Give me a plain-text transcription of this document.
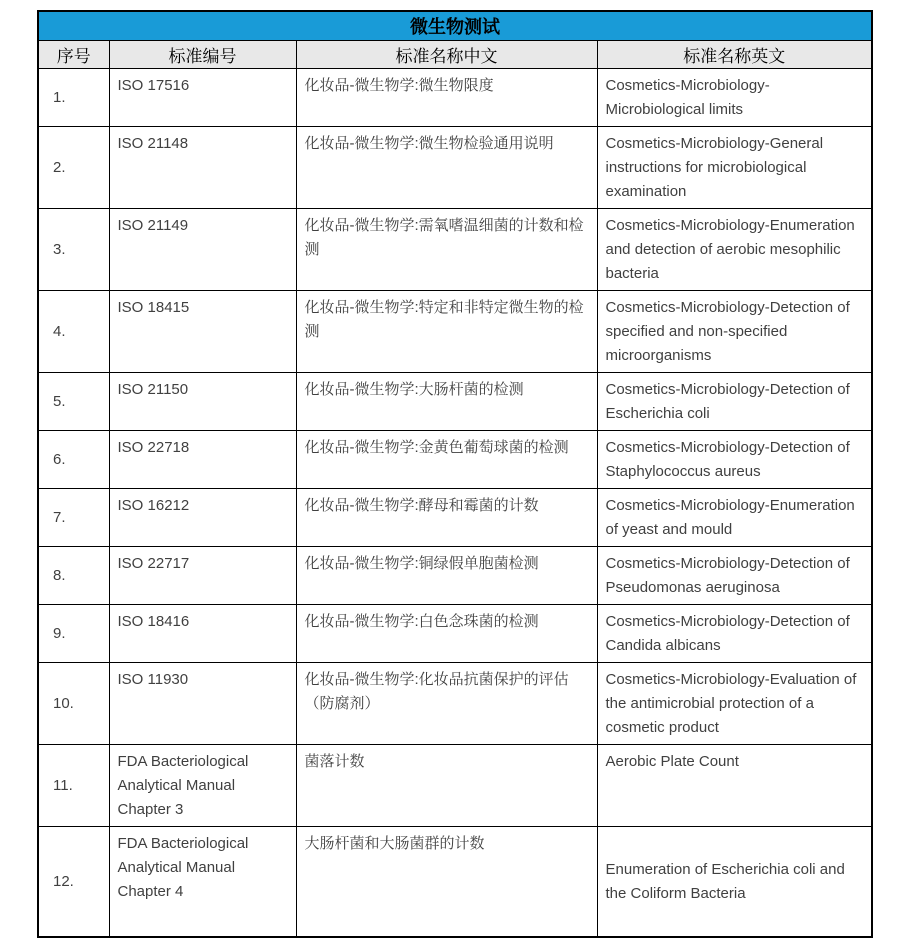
微生物测试			
序号	标准编号	标准名称中文	标准名称英文
1.	ISO 17516	化妆品-微生物学:微生物限度	Cosmetics-Microbiology-Microbiological limits
2.	ISO 21148	化妆品-微生物学:微生物检验通用说明	Cosmetics-Microbiology-General instructions for microbiological examination
3.	ISO 21149	化妆品-微生物学:需氧嗜温细菌的计数和检测	Cosmetics-Microbiology-Enumeration and detection of aerobic mesophilic bacteria
4.	ISO 18415	化妆品-微生物学:特定和非特定微生物的检测	Cosmetics-Microbiology-Detection of specified and non-specified microorganisms
5.	ISO 21150	化妆品-微生物学:大肠杆菌的检测	Cosmetics-Microbiology-Detection of Escherichia coli
6.	ISO 22718	化妆品-微生物学:金黄色葡萄球菌的检测	Cosmetics-Microbiology-Detection of Staphylococcus aureus
7.	ISO 16212	化妆品-微生物学:酵母和霉菌的计数	Cosmetics-Microbiology-Enumeration of yeast and mould
8.	ISO 22717	化妆品-微生物学:铜绿假单胞菌检测	Cosmetics-Microbiology-Detection of Pseudomonas aeruginosa
9.	ISO 18416	化妆品-微生物学:白色念珠菌的检测	Cosmetics-Microbiology-Detection of Candida albicans
10.	ISO 11930	化妆品-微生物学:化妆品抗菌保护的评估（防腐剂）	Cosmetics-Microbiology-Evaluation of the antimicrobial protection of a cosmetic product
11.	FDA Bacteriological Analytical Manual Chapter 3	菌落计数	Aerobic Plate Count
12.	FDA Bacteriological Analytical Manual Chapter 4	大肠杆菌和大肠菌群的计数	Enumeration of Escherichia coli and the Coliform Bacteria
